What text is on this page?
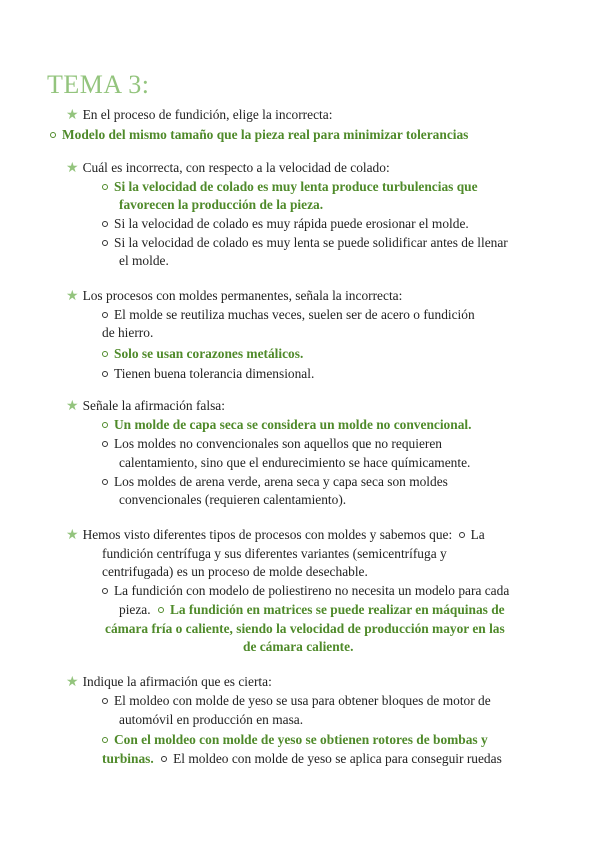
TEMA 3:
★ En el proceso de fundición, elige la incorrecta:
Modelo del mismo tamaño que la pieza real para minimizar tolerancias
★ Cuál es incorrecta, con respecto a la velocidad de colado:
Si la velocidad de colado es muy lenta produce turbulencias que
favorecen la producción de la pieza.
Si la velocidad de colado es muy rápida puede erosionar el molde.
Si la velocidad de colado es muy lenta se puede solidificar antes de llenar
el molde.
★ Los procesos con moldes permanentes, señala la incorrecta:
El molde se reutiliza muchas veces, suelen ser de acero o fundición
de hierro.
Solo se usan corazones metálicos.
Tienen buena tolerancia dimensional.
★ Señale la afirmación falsa:
Un molde de capa seca se considera un molde no convencional.
Los moldes no convencionales son aquellos que no requieren
calentamiento, sino que el endurecimiento se hace químicamente.
Los moldes de arena verde, arena seca y capa seca son moldes
convencionales (requieren calentamiento).
★ Hemos visto diferentes tipos de procesos con moldes y sabemos que: La
fundición centrífuga y sus diferentes variantes (semicentrífuga y
centrifugada) es un proceso de molde desechable.
La fundición con modelo de poliestireno no necesita un modelo para cada
pieza. La fundición en matrices se puede realizar en máquinas de
cámara fría o caliente, siendo la velocidad de producción mayor en las
de cámara caliente.
★ Indique la afirmación que es cierta:
El moldeo con molde de yeso se usa para obtener bloques de motor de
automóvil en producción en masa.
Con el moldeo con molde de yeso se obtienen rotores de bombas y
turbinas. El moldeo con molde de yeso se aplica para conseguir ruedas
